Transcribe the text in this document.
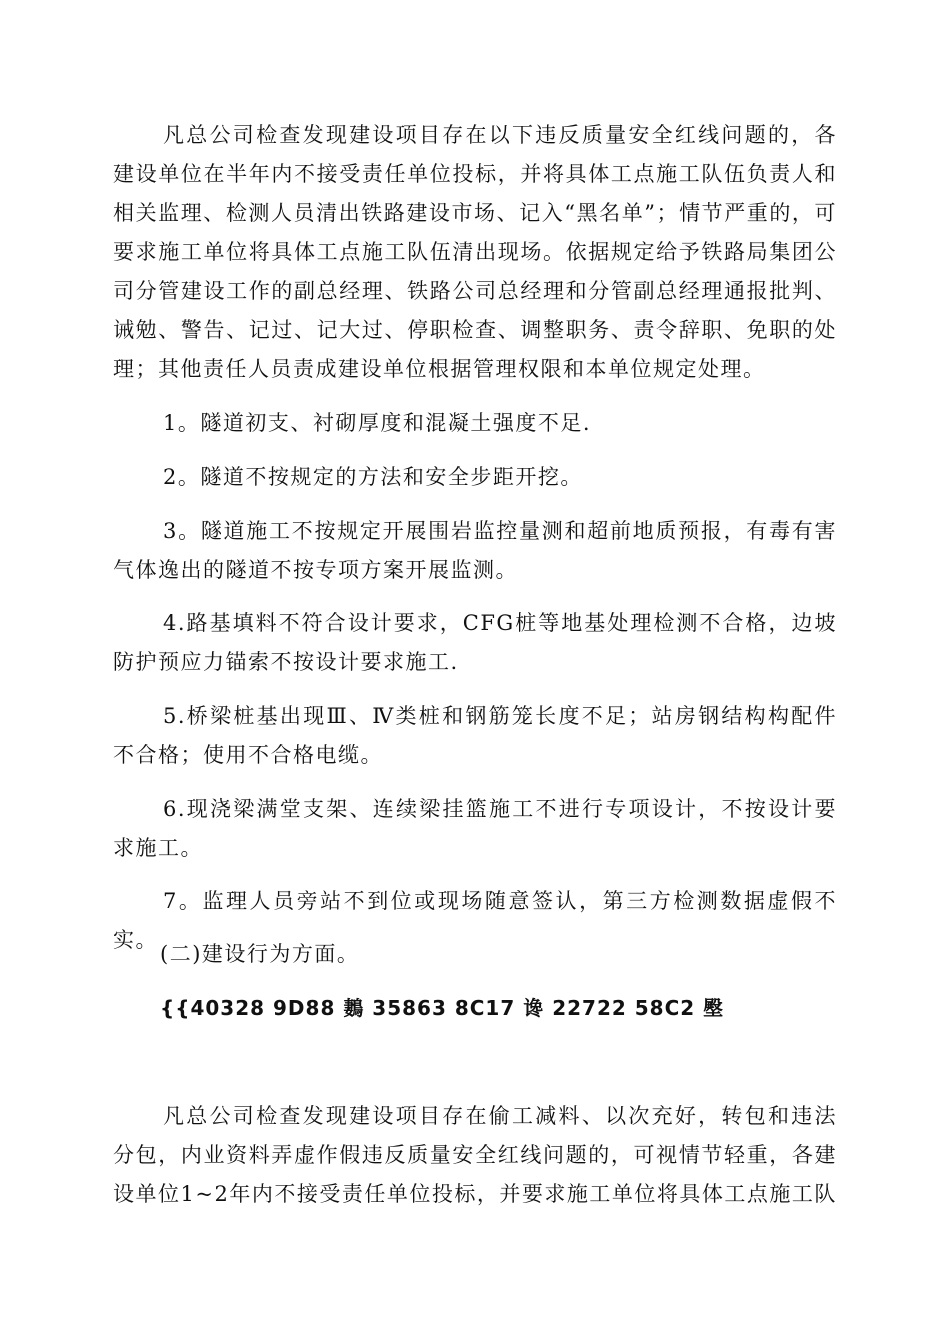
凡总公司检查发现建设项目存在以下违反质量安全红线问题的，各建设单位在半年内不接受责任单位投标，并将具体工点施工队伍负责人和相关监理、检测人员清出铁路建设市场、记入“黑名单”；情节严重的，可要求施工单位将具体工点施工队伍清出现场。依据规定给予铁路局集团公司分管建设工作的副总经理、铁路公司总经理和分管副总经理通报批判、诫勉、警告、记过、记大过、停职检查、调整职务、责令辞职、免职的处理；其他责任人员责成建设单位根据管理权限和本单位规定处理。

1。隧道初支、衬砌厚度和混凝土强度不足.

2。隧道不按规定的方法和安全步距开挖。

3。隧道施工不按规定开展围岩监控量测和超前地质预报，有毒有害气体逸出的隧道不按专项方案开展监测。

4.路基填料不符合设计要求，CFG桩等地基处理检测不合格，边坡防护预应力锚索不按设计要求施工.

5.桥梁桩基出现Ⅲ、Ⅳ类桩和钢筋笼长度不足；站房钢结构构配件不合格；使用不合格电缆。

6.现浇梁满堂支架、连续梁挂篮施工不进行专项设计，不按设计要求施工。

7。监理人员旁站不到位或现场随意签认，第三方检测数据虚假不实。

(二)建设行为方面。

{{40328 9D88 鶈 35863 8C17 谗 22722 58C2 壂

凡总公司检查发现建设项目存在偷工减料、以次充好，转包和违法分包，内业资料弄虚作假违反质量安全红线问题的，可视情节轻重，各建设单位1~2年内不接受责任单位投标，并要求施工单位将具体工点施工队
